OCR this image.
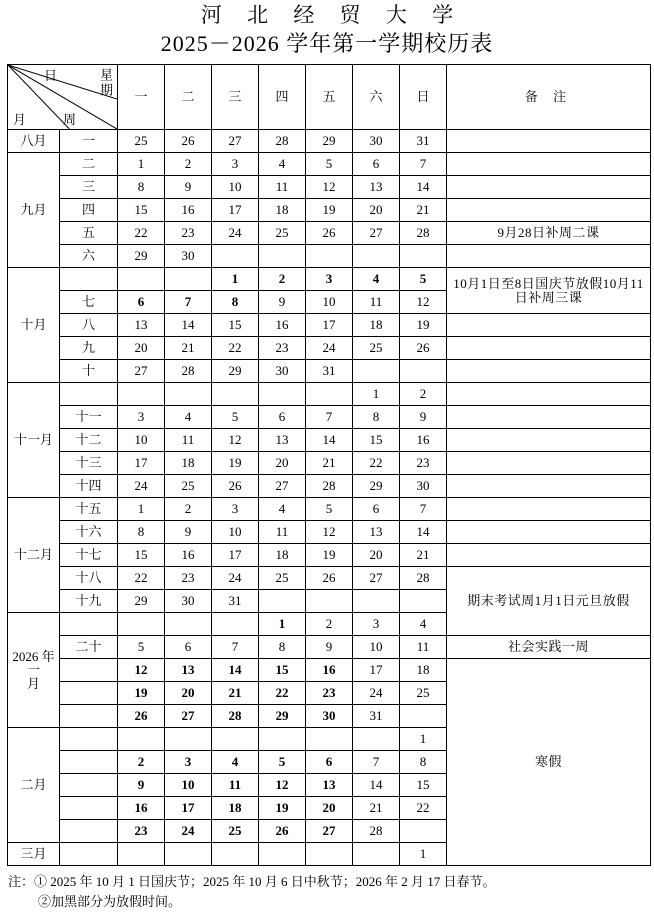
河 北 经 贸 大 学
2025－2026 学年第一学期校历表
日 星期
月 周		一	二	三	四	五	六	日	备 注
八月	一	25	26	27	28	29	30	31	
九月	二	1	2	3	4	5	6	7	
	三	8	9	10	11	12	13	14	
	四	15	16	17	18	19	20	21	
	五	22	23	24	25	26	27	28	9月28日补周二课
	六	29	30						
十月				1	2	3	4	5	10月1日至8日国庆节放假10月11日补周三课
	七	6	7	8	9	10	11	12	
	八	13	14	15	16	17	18	19	
	九	20	21	22	23	24	25	26	
	十	27	28	29	30	31			
十一月							1	2	
	十一	3	4	5	6	7	8	9	
	十二	10	11	12	13	14	15	16	
	十三	17	18	19	20	21	22	23	
	十四	24	25	26	27	28	29	30	
十二月	十五	1	2	3	4	5	6	7	
	十六	8	9	10	11	12	13	14	
	十七	15	16	17	18	19	20	21	
	十八	22	23	24	25	26	27	28	期末考试周1月1日元旦放假
	十九	29	30	31					

2026 年
一
月					1	2	3	4	
	二十	5	6	7	8	9	10	11	社会实践一周
		12	13	14	15	16	17	18	寒假
		19	20	21	22	23	24	25	
		26	27	28	29	30	31		
二月								1	
		2	3	4	5	6	7	8	
		9	10	11	12	13	14	15	
		16	17	18	19	20	21	22	
		23	24	25	26	27	28		
三月								1	
注：① 2025 年 10 月 1 日国庆节；2025 年 10 月 6 日中秋节；2026 年 2 月 17 日春节。
②加黑部分为放假时间。
